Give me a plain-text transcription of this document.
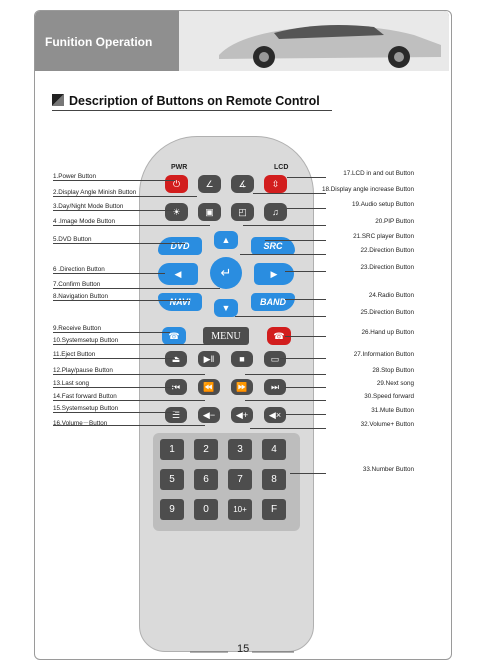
Funition Operation
Description of Buttons on Remote Control
PWR	LCD
⏻	∠	∡	⇳
☀	▣	◰	♫
DVD	SRC
▲
◀	↵	▶
NAVI	BAND
▼
☎	MENU	☎
⏏	▶‖	■	▭
⏮	⏪ ⏩	⏭
☰	◀− ◀+ ◀×
1	2	3	4
5	6	7	8
9	0	10+	F
1.Power Button
2.Display Angle Minish Button
3.Day/Night Mode Button
4 .Image Mode Button
5.DVD Button
6 .Direction Button
7.Confirm Button
8.Navigation Button
9.Receive Button
10.Systemsetup Button
11.Eject Button
12.Play/pause Button
13.Last song
14.Fast forward Button
15.Systemsetup Button
16.Volume－Button
17.LCD in and out Button
18.Display angle increase Button
19.Audio setup Button
20.PIP Button
21.SRC player Button
22.Direction Button
23.Direction Button
24.Radio Button
25.Direction Button
26.Hand up Button
27.Information Button
28.Stop Button
29.Next song
30.Speed forward
31.Mute Button
32.Volume+ Button
33.Number Button
15
